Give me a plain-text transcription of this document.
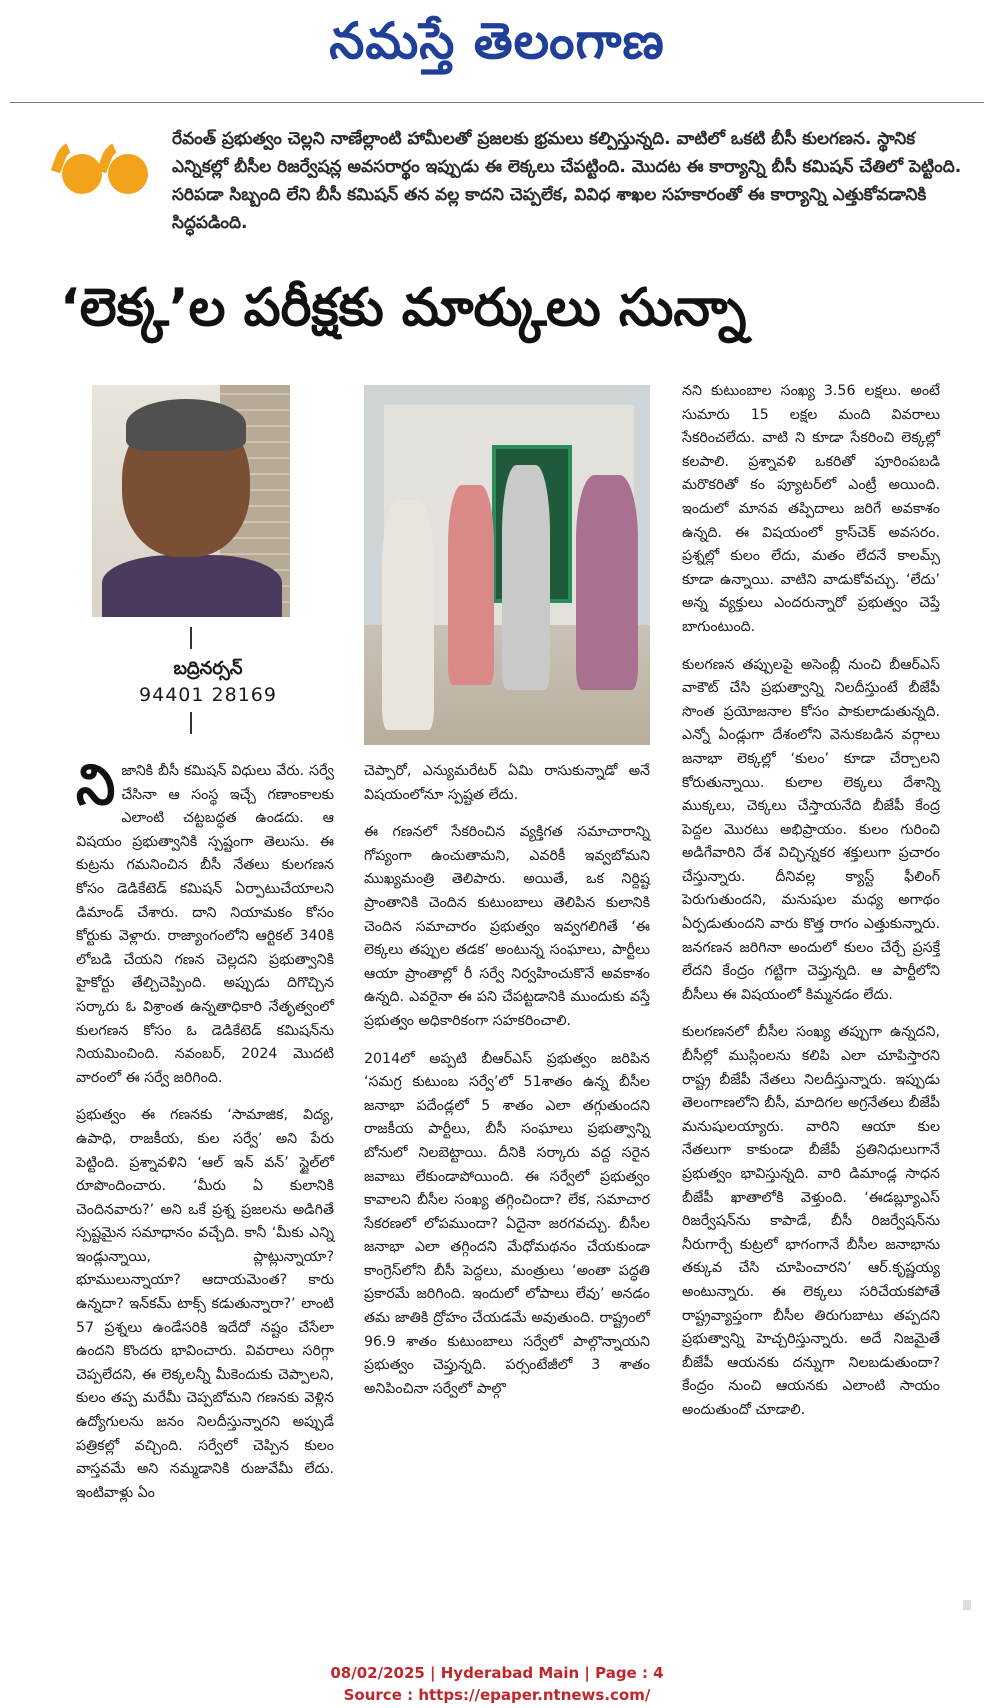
నమస్తే తెలంగాణ
రేవంత్ ప్రభుత్వం చెల్లని నాణేల్లాంటి హామీలతో ప్రజలకు భ్రమలు కల్పిస్తున్నది. వాటిలో ఒకటి బీసీ కులగణన. స్థానిక ఎన్నికల్లో బీసీల రిజర్వేషన్ల అవసరార్థం ఇప్పుడు ఈ లెక్కలు చేపట్టింది. మొదట ఈ కార్యాన్ని బీసీ కమిషన్ చేతిలో పెట్టింది. సరిపడా సిబ్బంది లేని బీసీ కమిషన్ తన వల్ల కాదని చెప్పలేక, వివిధ శాఖల సహకారంతో ఈ కార్యాన్ని ఎత్తుకోవడానికి సిద్ధపడింది.
‘లెక్క’ల పరీక్షకు మార్కులు సున్నా
బద్రినర్సన్
94401 28169

నిజానికి బీసీ కమిషన్ విధులు వేరు. సర్వే చేసినా ఆ సంస్థ ఇచ్చే గణాంకాలకు ఎలాంటి చట్టబద్ధత ఉండదు. ఆ విషయం ప్రభుత్వానికి స్పష్టంగా తెలుసు. ఈ కుట్రను గమనించిన బీసీ నేతలు కులగణన కోసం డెడికేటెడ్ కమిషన్ ఏర్పాటుచేయాలని డిమాండ్ చేశారు. దాని నియామకం కోసం కోర్టుకు వెళ్లారు. రాజ్యాంగంలోని ఆర్టికల్ 340కి లోబడి చేయని గణన చెల్లదని ప్రభుత్వానికి హైకోర్టు తేల్చిచెప్పింది. అప్పుడు దిగొచ్చిన సర్కారు ఓ విశ్రాంత ఉన్నతాధికారి నేతృత్వంలో కులగణన కోసం ఓ డెడికేటెడ్ కమిషన్‌ను నియమించింది. నవంబర్, 2024 మొదటి వారంలో ఈ సర్వే జరిగింది.

ప్రభుత్వం ఈ గణనకు ‘సామాజిక, విద్య, ఉపాధి, రాజకీయ, కుల సర్వే’ అని పేరు పెట్టింది. ప్రశ్నావళిని ‘ఆల్ ఇన్ వన్’ స్టైల్‌లో రూపొందించారు. ‘మీరు ఏ కులానికి చెందినవారు?’ అని ఒకే ప్రశ్న ప్రజలను అడిగితే స్పష్టమైన సమాధానం వచ్చేది. కానీ ‘మీకు ఎన్ని ఇండ్లున్నాయి, ప్లాట్లున్నాయా? భూములున్నాయా? ఆదాయమెంత? కారు ఉన్నదా? ఇన్‌కమ్ టాక్స్ కడుతున్నారా?’ లాంటి 57 ప్రశ్నలు ఉండేసరికి ఇదేదో నష్టం చేసేలా ఉందని కొందరు భావించారు. వివరాలు సరిగ్గా చెప్పలేదని, ఈ లెక్కలన్నీ మీకెందుకు చెప్పాలని, కులం తప్ప మరేమీ చెప్పబోమని గణనకు వెళ్లిన ఉద్యోగులను జనం నిలదీస్తున్నారని అప్పుడే పత్రికల్లో వచ్చింది. సర్వేలో చెప్పిన కులం వాస్తవమే అని నమ్మడానికి రుజువేమీ లేదు. ఇంటివాళ్లు ఏం

చెప్పారో, ఎన్యుమరేటర్ ఏమి రాసుకున్నాడో అనే విషయంలోనూ స్పష్టత లేదు.

ఈ గణనలో సేకరించిన వ్యక్తిగత సమాచారాన్ని గోప్యంగా ఉంచుతామని, ఎవరికీ ఇవ్వబోమని ముఖ్యమంత్రి తెలిపారు. అయితే, ఒక నిర్దిష్ట ప్రాంతానికి చెందిన కుటుంబాలు తెలిపిన కులానికి చెందిన సమాచారం ప్రభుత్వం ఇవ్వగలిగితే ‘ఈ లెక్కలు తప్పుల తడక’ అంటున్న సంఘాలు, పార్టీలు ఆయా ప్రాంతాల్లో రీ సర్వే నిర్వహించుకొనే అవకాశం ఉన్నది. ఎవరైనా ఈ పని చేపట్టడానికి ముందుకు వస్తే ప్రభుత్వం అధికారికంగా సహకరించాలి.

2014లో అప్పటి బీఆర్‌ఎస్ ప్రభుత్వం జరిపిన ‘సమగ్ర కుటుంబ సర్వే’లో 51శాతం ఉన్న బీసీల జనాభా పదేండ్లలో 5 శాతం ఎలా తగ్గుతుందని రాజకీయ పార్టీలు, బీసీ సంఘాలు ప్రభుత్వాన్ని బోనులో నిలబెట్టాయి. దీనికి సర్కారు వద్ద సరైన జవాబు లేకుండాపోయింది. ఈ సర్వేలో ప్రభుత్వం కావాలని బీసీల సంఖ్య తగ్గించిందా? లేక, సమాచార సేకరణలో లోపముందా? ఏదైనా జరగవచ్చు. బీసీల జనాభా ఎలా తగ్గిందని మేధోమథనం చేయకుండా కాంగ్రెస్‌లోని బీసీ పెద్దలు, మంత్రులు ‘అంతా పద్ధతి ప్రకారమే జరిగింది. ఇందులో లోపాలు లేవు’ అనడం తమ జాతికి ద్రోహం చేయడమే అవుతుంది. రాష్ట్రంలో 96.9 శాతం కుటుంబాలు సర్వేలో పాల్గొన్నాయని ప్రభుత్వం చెప్తున్నది. పర్సంటేజీలో 3 శాతం అనిపించినా సర్వేలో పాల్గొ

నని కుటుంబాల సంఖ్య 3.56 లక్షలు. అంటే సుమారు 15 లక్షల మంది వివరాలు సేకరించలేదు. వాటి ని కూడా సేకరించి లెక్కల్లో కలపాలి. ప్రశ్నావళి ఒకరితో పూరింపబడి మరొకరితో కం ప్యూటర్‌లో ఎంట్రీ అయింది. ఇందులో మానవ తప్పిదాలు జరిగే అవకాశం ఉన్నది. ఈ విషయంలో క్రాస్‌చెక్ అవసరం. ప్రశ్నల్లో కులం లేదు, మతం లేదనే కాలమ్స్ కూడా ఉన్నాయి. వాటిని వాడుకోవచ్చు. ‘లేదు’ అన్న వ్యక్తులు ఎందరున్నారో ప్రభుత్వం చెప్తే బాగుంటుంది.

కులగణన తప్పులపై అసెంబ్లీ నుంచి బీఆర్‌ఎస్ వాకౌట్ చేసి ప్రభుత్వాన్ని నిలదీస్తుంటే బీజేపీ సొంత ప్రయోజనాల కోసం పాకులాడుతున్నది. ఎన్నో ఏండ్లుగా దేశంలోని వెనుకబడిన వర్గాలు జనాభా లెక్కల్లో ‘కులం’ కూడా చేర్చాలని కోరుతున్నాయి. కులాల లెక్కలు దేశాన్ని ముక్కలు, చెక్కలు చేస్తాయనేది బీజేపీ కేంద్ర పెద్దల మొరటు అభిప్రాయం. కులం గురించి అడిగేవారిని దేశ విచ్ఛిన్నకర శక్తులుగా ప్రచారం చేస్తున్నారు. దీనివల్ల క్యాస్ట్ ఫీలింగ్ పెరుగుతుందని, మనుషుల మధ్య అగాథం ఏర్పడుతుందని వారు కొత్త రాగం ఎత్తుకున్నారు. జనగణన జరిగినా అందులో కులం చేర్చే ప్రసక్తే లేదని కేంద్రం గట్టిగా చెప్తున్నది. ఆ పార్టీలోని బీసీలు ఈ విషయంలో కిమ్మనడం లేదు.

కులగణనలో బీసీల సంఖ్య తప్పుగా ఉన్నదని, బీసీల్లో ముస్లింలను కలిపి ఎలా చూపిస్తారని రాష్ట్ర బీజేపీ నేతలు నిలదీస్తున్నారు. ఇప్పుడు తెలంగాణలోని బీసీ, మాదిగల అగ్రనేతలు బీజేపీ మనుషులయ్యారు. వారిని ఆయా కుల నేతలుగా కాకుండా బీజేపీ ప్రతినిధులుగానే ప్రభుత్వం భావిస్తున్నది. వారి డిమాండ్ల సాధన బీజేపీ ఖాతాలోకి వెళ్తుంది. ‘ఈడబ్ల్యూఎస్ రిజర్వేషన్‌ను కాపాడే, బీసీ రిజర్వేషన్‌ను నీరుగార్చే కుట్రలో భాగంగానే బీసీల జనాభాను తక్కువ చేసి చూపించారని’ ఆర్.కృష్ణయ్య అంటున్నారు. ఈ లెక్కలు సరిచేయకపోతే రాష్ట్రవ్యాప్తంగా బీసీల తిరుగుబాటు తప్పదని ప్రభుత్వాన్ని హెచ్చరిస్తున్నారు. అదే నిజమైతే బీజేపీ ఆయనకు దన్నుగా నిలబడుతుందా? కేంద్రం నుంచి ఆయనకు ఎలాంటి సాయం అందుతుందో చూడాలి.

08/02/2025 | Hyderabad Main | Page : 4
Source : https://epaper.ntnews.com/
